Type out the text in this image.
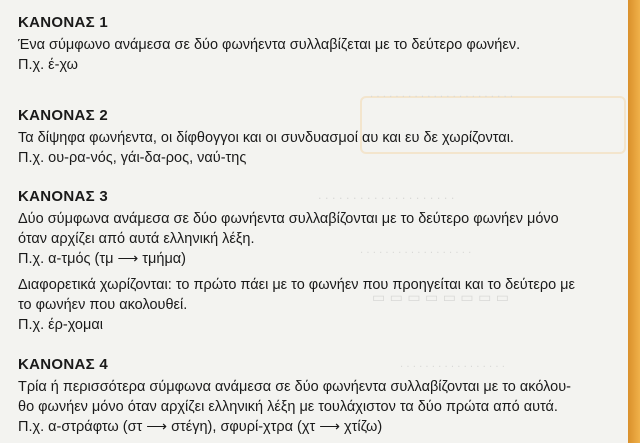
· · · · · · · · · · · · · · · · · · · · · · ·
· · · · · · · · · · · · · · · · · · · ·
· · · · · · · · · · · · · · · · · ·
▭ ▭ ▭ ▭ ▭ ▭ ▭ ▭
· · · · · · · · · · · · · · · · ·
ΚΑΝΟΝΑΣ 1

Ένα σύμφωνο ανάμεσα σε δύο φωνήεντα συλλαβίζεται με το δεύτερο φωνήεν.

Π.χ. έ-χω

ΚΑΝΟΝΑΣ 2

Τα δίψηφα φωνήεντα, οι δίφθογγοι και οι συνδυασμοί αυ και ευ δε χωρίζονται.

Π.χ. ου-ρα-νός, γάι-δα-ρος, ναύ-της

ΚΑΝΟΝΑΣ 3

Δύο σύμφωνα ανάμεσα σε δύο φωνήεντα συλλαβίζονται με το δεύτερο φωνήεν μόνο

όταν αρχίζει από αυτά ελληνική λέξη.

Π.χ. α-τμός (τμ ⟶ τμήμα)

Διαφορετικά χωρίζονται: το πρώτο πάει με το φωνήεν που προηγείται και το δεύτερο με

το φωνήεν που ακολουθεί.

Π.χ. έρ-χομαι

ΚΑΝΟΝΑΣ 4

Τρία ή περισσότερα σύμφωνα ανάμεσα σε δύο φωνήεντα συλλαβίζονται με το ακόλου-

θο φωνήεν μόνο όταν αρχίζει ελληνική λέξη με τουλάχιστον τα δύο πρώτα από αυτά.

Π.χ. α-στράφτω (στ ⟶ στέγη), σφυρί-χτρα (χτ ⟶ χτίζω)
